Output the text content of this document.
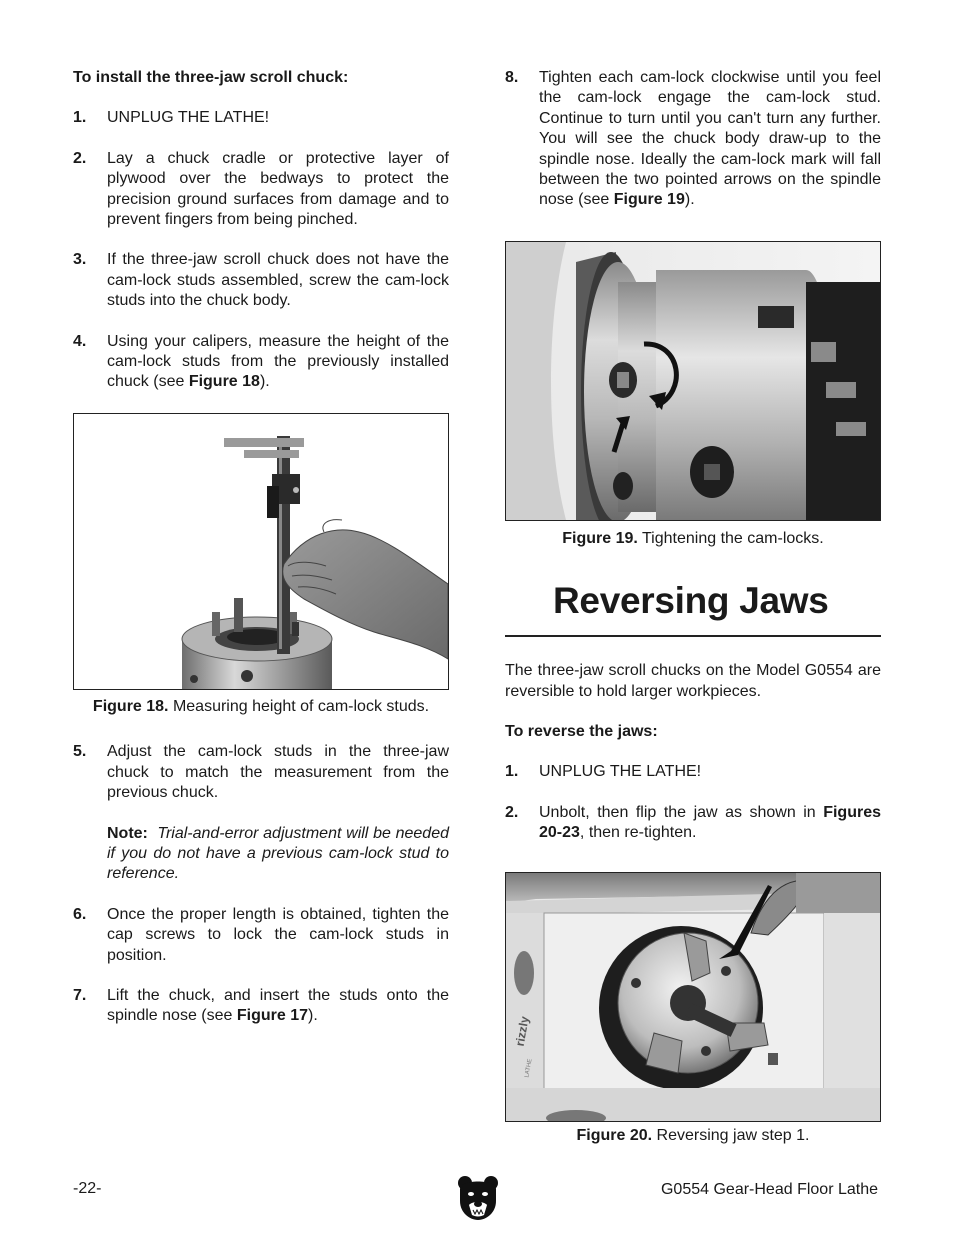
To install the three-jaw scroll chuck:
1.	UNPLUG THE LATHE!
2.	Lay a chuck cradle or protective layer of plywood over the bedways to protect the precision ground surfaces from damage and to prevent fingers from being pinched.
3.	If the three-jaw scroll chuck does not have the cam-lock studs assembled, screw the cam-lock studs into the chuck body.
4.	Using your calipers, measure the height of the cam-lock studs from the previously installed chuck (see Figure 18).
Figure 18. Measuring height of cam-lock studs.
5.	Adjust the cam-lock studs in the three-jaw chuck to match the measurement from the previous chuck.
Note: Trial-and-error adjustment will be needed if you do not have a previous cam-lock stud to reference.
6.	Once the proper length is obtained, tighten the cap screws to lock the cam-lock studs in position.
7.	Lift the chuck, and insert the studs onto the spindle nose (see Figure 17).
8.	Tighten each cam-lock clockwise until you feel the cam-lock engage the cam-lock stud. Continue to turn until you can't turn any further. You will see the chuck body draw-up to the spindle nose. Ideally the cam-lock mark will fall between the two pointed arrows on the spindle nose (see Figure 19).
Figure 19. Tightening the cam-locks.
Reversing Jaws
The three-jaw scroll chucks on the Model G0554 are reversible to hold larger workpieces.
To reverse the jaws:
1.	UNPLUG THE LATHE!
2.	Unbolt, then flip the jaw as shown in Figures 20-23, then re-tighten.
rizzly
LATHE
Figure 20. Reversing jaw step 1.
-22-	G0554 Gear-Head Floor Lathe
